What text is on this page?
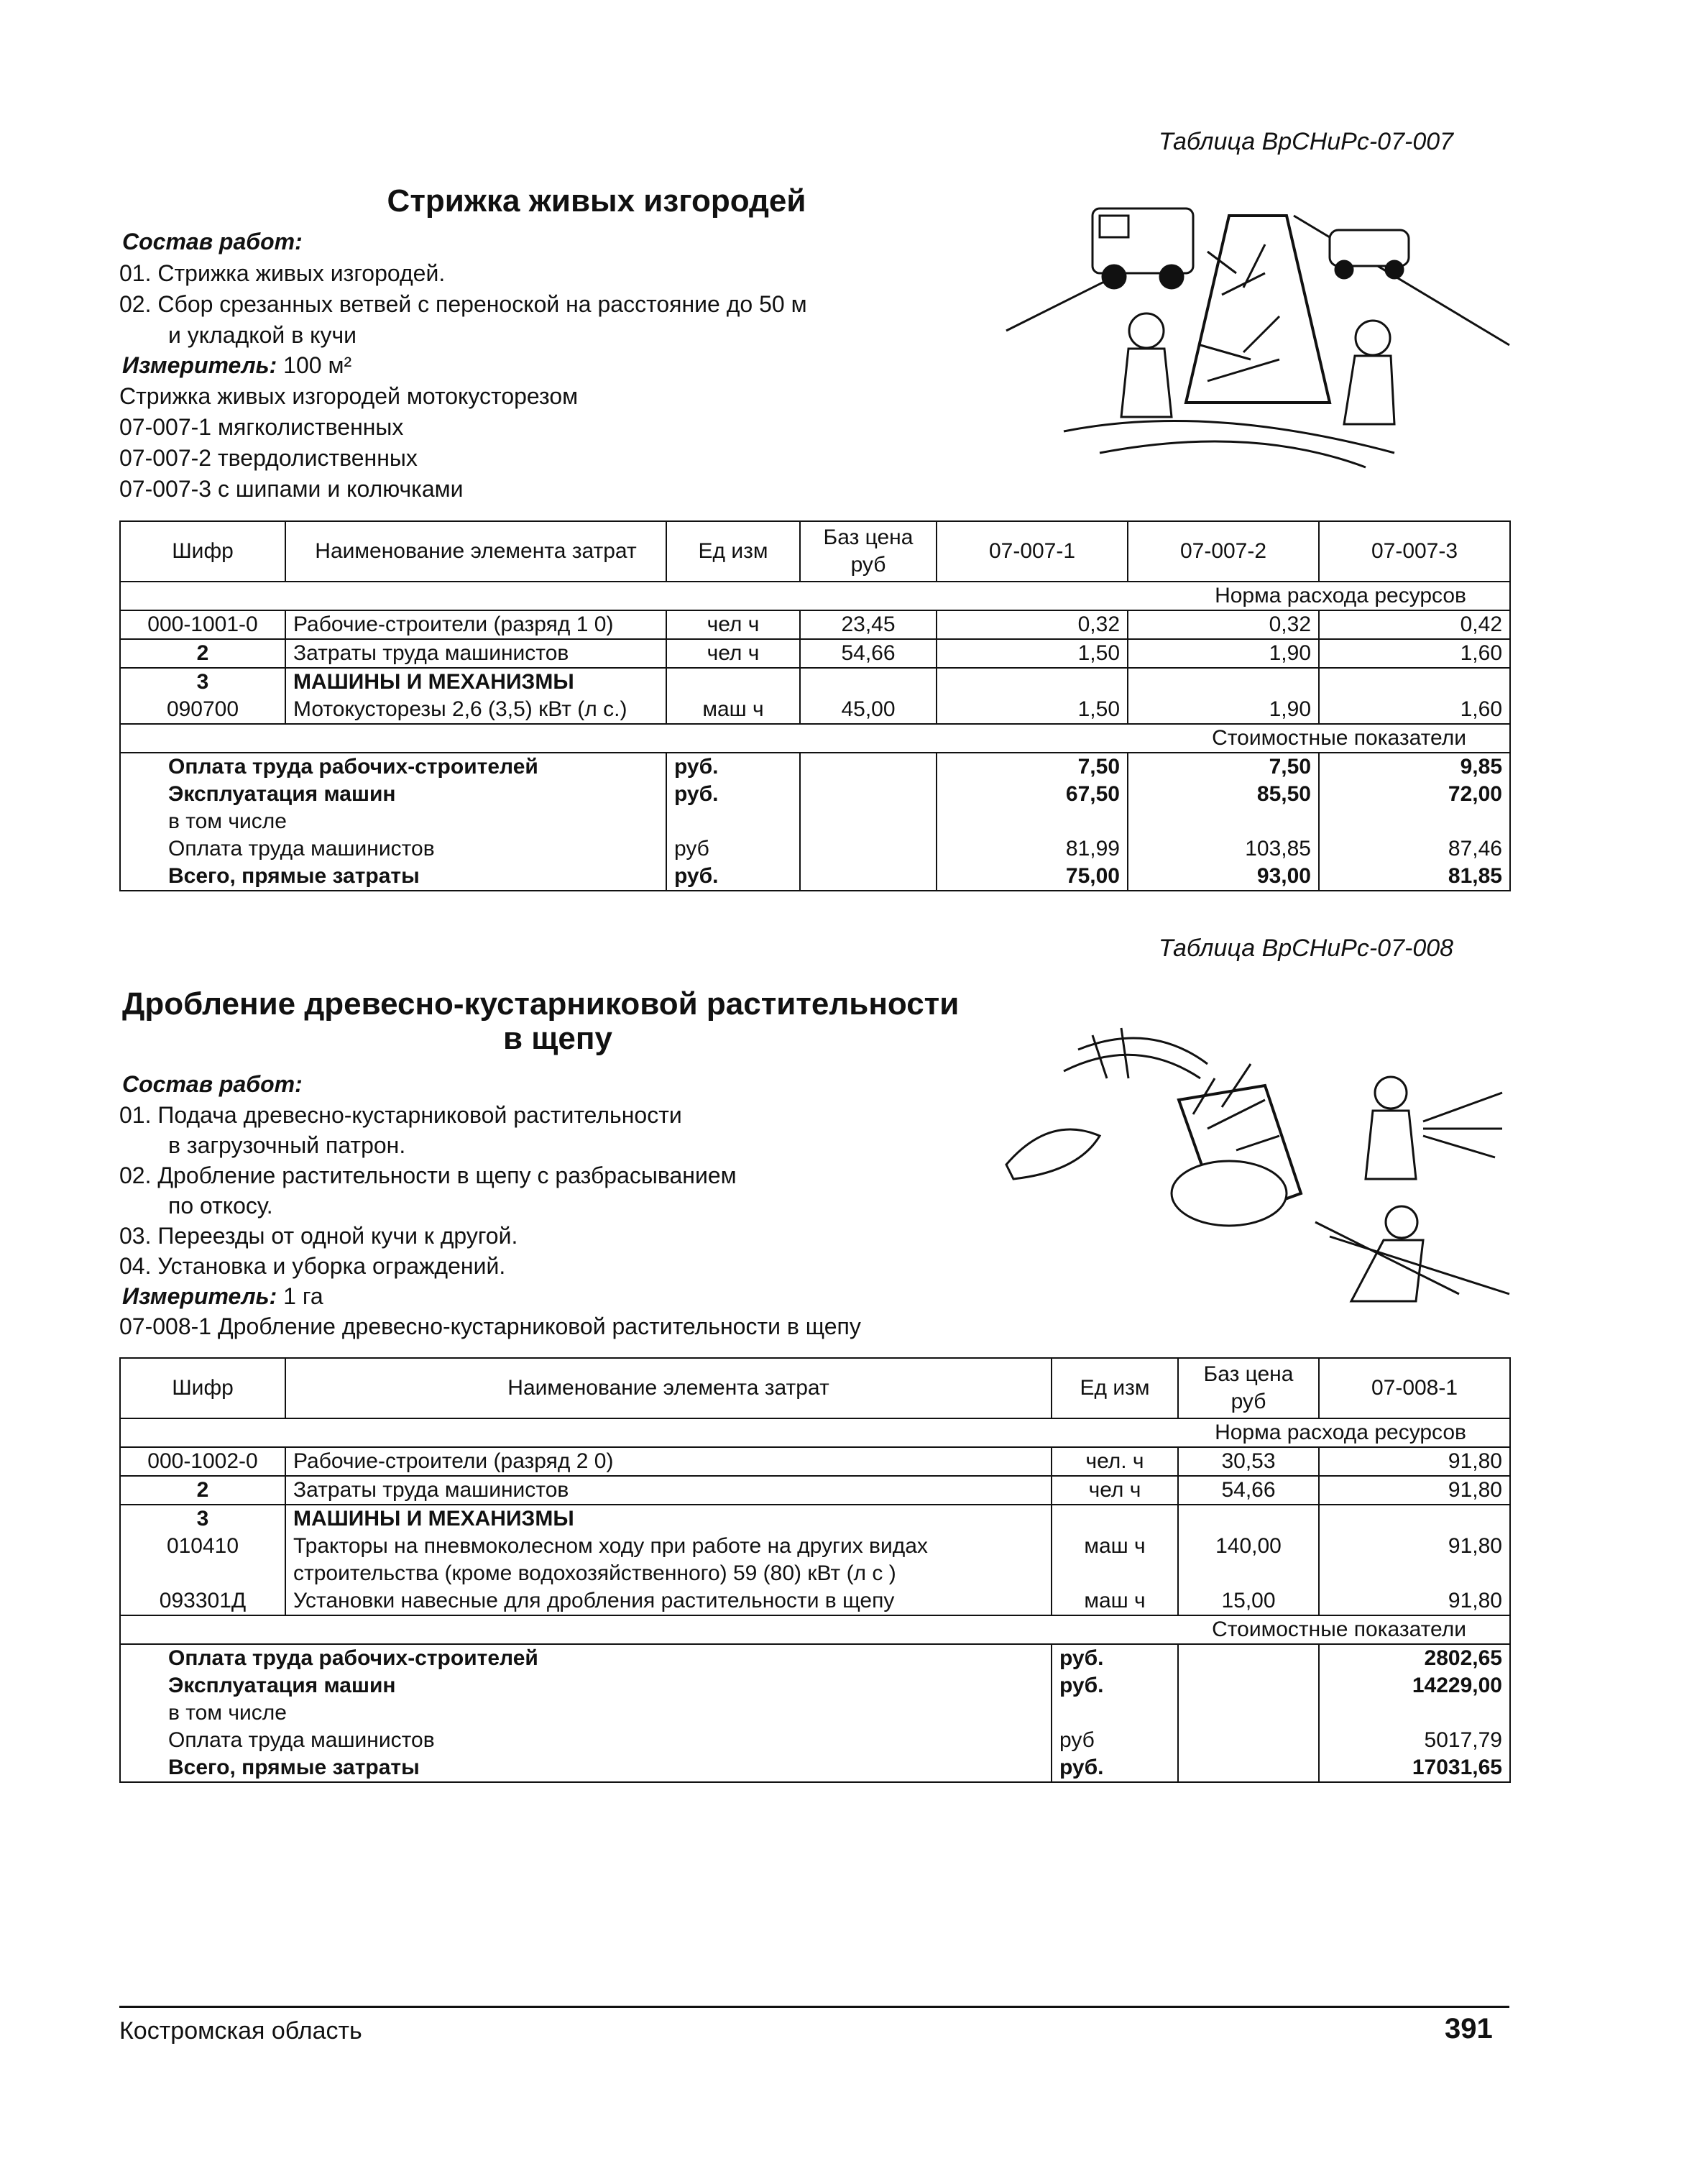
Таблица ВрСНиРс-07-007
Стрижка живых изгородей
Состав работ:
01. Стрижка живых изгородей.
02. Сбор срезанных ветвей с переноской на расстояние до 50 м
и укладкой в кучи
Измеритель: 100 м²
Стрижка живых изгородей мотокусторезом
07-007-1 мягколиственных
07-007-2 твердолиственных
07-007-3 с шипами и колючками
Шифр	Наименование элемента затрат	Ед изм	Баз цена руб	07-007-1	07-007-2	07-007-3
Норма расхода ресурсов						
000-1001-0	Рабочие-строители (разряд 1 0)	чел ч	23,45	0,32	0,32	0,42
2	Затраты труда машинистов	чел ч	54,66	1,50	1,90	1,60
3	МАШИНЫ И МЕХАНИЗМЫ					
090700	Мотокусторезы 2,6 (3,5) кВт (л с.)	маш ч	45,00	1,50	1,90	1,60
Стоимостные показатели						
Оплата труда рабочих-строителей		руб.		7,50	7,50	9,85
Эксплуатация машин		руб.		67,50	85,50	72,00
в том числе						
Оплата труда машинистов		руб		81,99	103,85	87,46
Всего, прямые затраты		руб.		75,00	93,00	81,85
Таблица ВрСНиРс-07-008
Дробление древесно-кустарниковой растительности
в щепу
Состав работ:
01. Подача древесно-кустарниковой растительности
в загрузочный патрон.
02. Дробление растительности в щепу с разбрасыванием
по откосу.
03. Переезды от одной кучи к другой.
04. Установка и уборка ограждений.
Измеритель: 1 га
07-008-1 Дробление древесно-кустарниковой растительности в щепу
Шифр	Наименование элемента затрат	Ед изм	Баз цена руб	07-008-1
Норма расхода ресурсов				
000-1002-0	Рабочие-строители (разряд 2 0)	чел. ч	30,53	91,80
2	Затраты труда машинистов	чел ч	54,66	91,80
3	МАШИНЫ И МЕХАНИЗМЫ			
010410	Тракторы на пневмоколесном ходу при работе на других видах
строительства (кроме водохозяйственного) 59 (80) кВт (л с )	маш ч	140,00	91,80
093301Д	Установки навесные для дробления растительности в щепу	маш ч	15,00	91,80
Стоимостные показатели				
Оплата труда рабочих-строителей		руб.		2802,65
Эксплуатация машин		руб.		14229,00
в том числе				
Оплата труда машинистов		руб		5017,79
Всего, прямые затраты		руб.		17031,65
Костромская область	391
